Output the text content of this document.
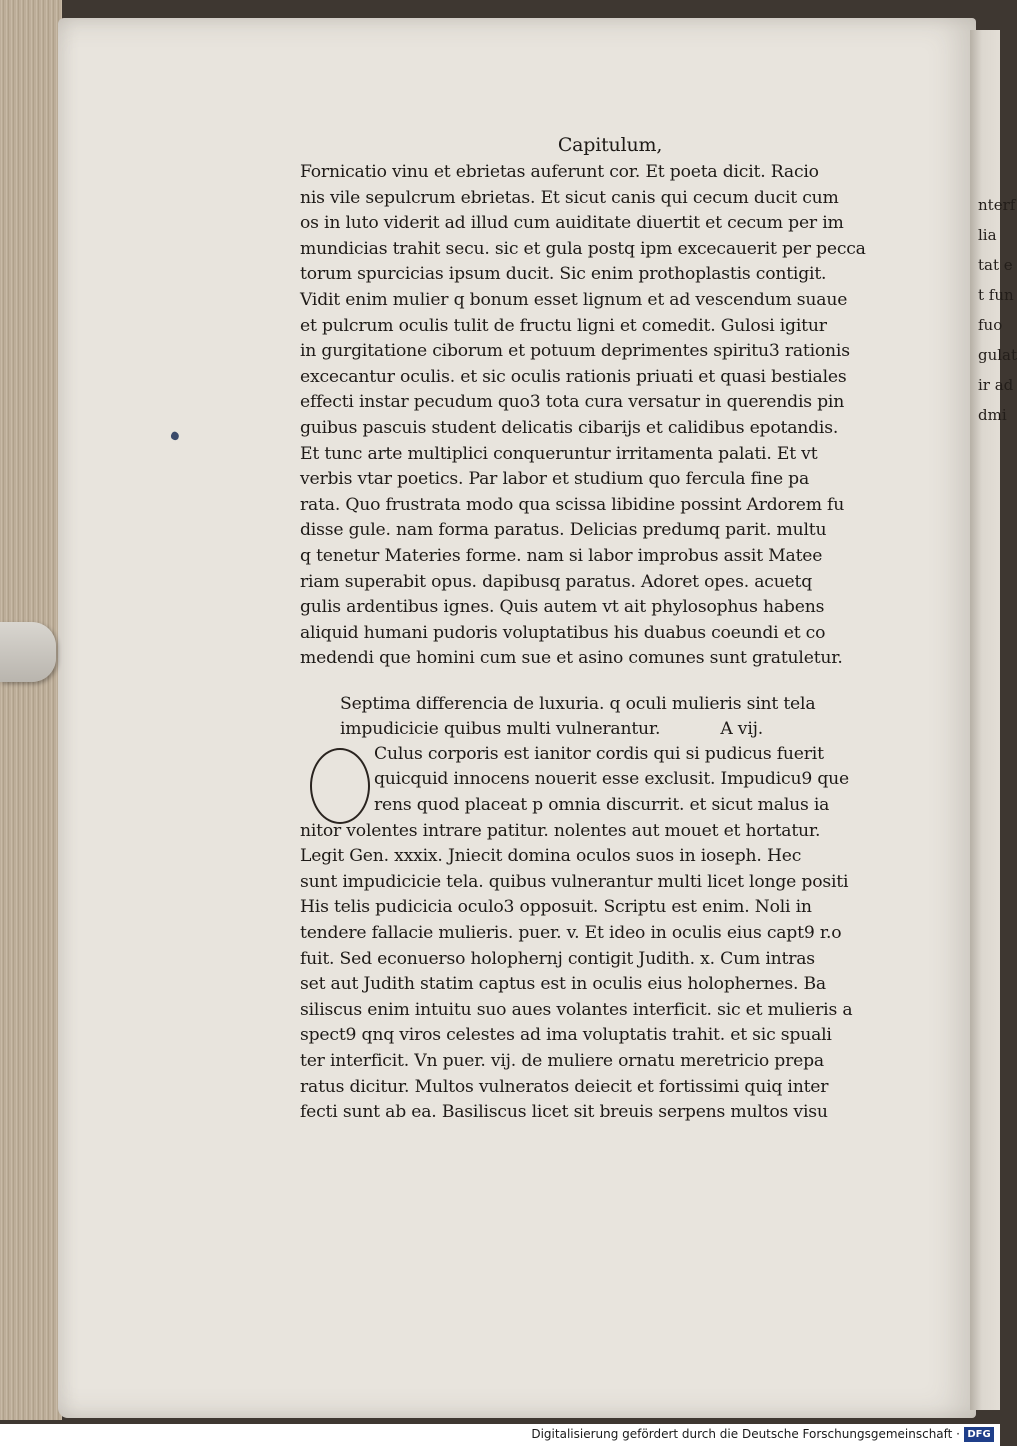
nterf
lia
tat e
t fun
fuo
gulat
ir ad
dmi
Capitulum,
Fornicatio vinu et ebrietas auferunt cor. Et poeta dicit. Racio
nis vile sepulcrum ebrietas. Et sicut canis qui cecum ducit cum
os in luto viderit ad illud cum auiditate diuertit et cecum per im
mundicias trahit secu. sic et gula postq ipm excecauerit per pecca
torum spurcicias ipsum ducit. Sic enim prothoplastis contigit.
Vidit enim mulier q bonum esset lignum et ad vescendum suaue
et pulcrum oculis tulit de fructu ligni et comedit. Gulosi igitur
in gurgitatione ciborum et potuum deprimentes spiritu3 rationis
excecantur oculis. et sic oculis rationis priuati et quasi bestiales
effecti instar pecudum quo3 tota cura versatur in querendis pin
guibus pascuis student delicatis cibarijs et calidibus epotandis.
Et tunc arte multiplici conqueruntur irritamenta palati. Et vt
verbis vtar poetics. Par labor et studium quo fercula fine pa
rata. Quo frustrata modo qua scissa libidine possint Ardorem fu
disse gule. nam forma paratus. Delicias predumq parit. multu
q tenetur Materies forme. nam si labor improbus assit Matee
riam superabit opus. dapibusq paratus. Adoret opes. acuetq
gulis ardentibus ignes. Quis autem vt ait phylosophus habens
aliquid humani pudoris voluptatibus his duabus coeundi et co
medendi que homini cum sue et asino comunes sunt gratuletur.
Septima differencia de luxuria. q oculi mulieris sint tela
impudicicie quibus multi vulnerantur.	A vij.
Culus corporis est ianitor cordis qui si pudicus fuerit
quicquid innocens nouerit esse exclusit. Impudicu9 que
rens quod placeat p omnia discurrit. et sicut malus ia
nitor volentes intrare patitur. nolentes aut mouet et hortatur.
Legit Gen. xxxix. Jniecit domina oculos suos in ioseph. Hec
sunt impudicicie tela. quibus vulnerantur multi licet longe positi
His telis pudicicia oculo3 opposuit. Scriptu est enim. Noli in
tendere fallacie mulieris. puer. v. Et ideo in oculis eius capt9 r.o
fuit. Sed econuerso holophernj contigit Judith. x. Cum intras
set aut Judith statim captus est in oculis eius holophernes. Ba
siliscus enim intuitu suo aues volantes interficit. sic et mulieris a
spect9 qnq viros celestes ad ima voluptatis trahit. et sic spuali
ter interficit. Vn puer. vij. de muliere ornatu meretricio prepa
ratus dicitur. Multos vulneratos deiecit et fortissimi quiq inter
fecti sunt ab ea. Basiliscus licet sit breuis serpens multos visu
Digitalisierung gefördert durch die Deutsche Forschungsgemeinschaft · DFG
